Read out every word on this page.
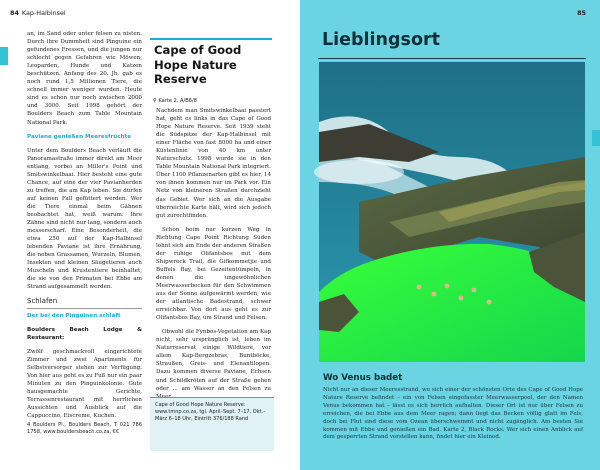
84 Kap-Halbinsel

an, im Sand oder unter felsen zu nisten. Durch ihre Dummheit sind Pinguine ein gefundenes Fressen, und die jungen nur schlecht gegen Gefahren wie Möwen, Leoparden, Hunde und Katzen beschützen. Anfang des 20. Jh. gab es noch rund 1,5 Millionen Tiere, die schnell immer weniger wurden. Heute sind es schon nur noch zwischen 2000 und 3000. Seit 1998 gehört der Boulders Beach zum Table Mountain National Park.

Paviane genießen Meeresfrüchte

Unter dem Boulders Beach verläuft die Panoramastraße immer direkt am Meer entlang, vorbei an Miller's Point und Smitswinkelbaai. Hier besteht eine gute Chance, auf eine der vier Pavianherden zu treffen, die am Kap leben. Sie dürfen auf keinen Fall gefüttert werden. Wer die Tiere einmal beim Gähnen beobachtet hat, weiß warum: Ihre Zähne sind nicht nur lang, sondern auch messerscharf. Eine Besonderheit, die etwa 250 auf der Kap-Halbinsel lebenden Paviane ist ihre Ernährung, die neben Grassamen, Wurzeln, Blumen, Insekten und kleinen Säugetieren auch Muscheln und Krustentiere beinhaltet, die sie von den Primaten bei Ebbe am Strand aufgesammelt werden.

Schlafen

Der bei den Pinguinen schläft

Boulders Beach Lodge & Restaurant:

Zwölf geschmackvoll eingerichtete Zimmer und zwei Apartments für Selbstversorger stehen zur Verfügung. Von hier aus geht es zu Fuß nur ein paar Minuten zu den Pinguinkolonie. Gute hausgemachte Gerichte, Terrassenrestaurant mit herrlichen Aussichten und Ausblick auf die Cappuccino, Eiscreme, Kuchen.

4 Boulders Pl., Boulders Beach, T 021 786 1758, www.bouldersbeach.co.za, €€

Cape of Good Hope Nature Reserve
⚲ Karte 2, A/B6/8

Nachdem man Smitswinkelbaai passiert hat, geht es links in das Cape of Good Hope Nature Reserve. Seit 1939 steht die Südspitze der Kap-Halbinsel mit einer Fläche von fast 8000 ha und einer Küstenlinie von 40 km unter Naturschutz. 1998 wurde sie in den Table Mountain National Park integriert. Über 1100 Pflanzenarten gibt es hier, 14 von ihnen kommen nur im Park vor. Ein Netz von kleineren Straßen durchzieht das Gebiet. Wer sich an die Ausgabe überreichte Karte hält, wird sich jedoch gut zurechtfinden.

Schon beim nur kurzen Weg in Richtung Cape Point Richtung Süden lohnt sich am Ende der anderen Straßen der ruhige Olifantsbos mit dem Shipwreck Trail, die Gifkommetjie und Buffels Bay, bei Gezeitentümpeln, in denen die ungewöhnlichen Meerwasserbecken für den Schwimmen aus der Sonne aufgewärmt werden, wie der atlantische Badestrand, schwer erreichbar. Von dort aus geht es zur Olifantsbos Bay, um Strand und Felsen.

Obwohl die Fynbos-Vegetation am Kap nicht, sehr ursprünglich ist, leben im Naturreservat einige Wildtiere, vor allem Kap-Bergzebras, Buntböcke, Straußen, Greis- und Elenantilopen. Dazu kommen diverse Paviane, Echsen und Schildkröten auf der Straße gehen oder ... am Wasser an den Felsen zu

Cape of Good Hope Nature Reserve: www.tmnp.co.za, tgl. April–Sept. 7–17, Okt.–März 6–18 Uhr, Eintritt 376/188 Rand
85
Lieblingsort
Wo Venus badet
Nicht nur an dieser Meeresstrand, wo sich einer der schönsten Orte des Cape of Good Hope Nature Reserve befindet – ein von Felsen eingefasster Meerwasserpool, der den Namen Venus bekommen hat – lässt es sich herrlich aufhalten. Dieser Ort ist nur über Felsen zu erreichen, die bei Ebbe aus dem Meer ragen; dann liegt das Becken völlig glatt im Fels, doch bei Flut sind diese vom Ozean überschwemmt und nicht zugänglich. Am besten Sie kommen mit Ebbe und genießen ein Bad. Karte 2, Black Rocks. Wer sich einen Anblick auf dem gesperrten Strand vorstellen kann, findet hier ein Kleinod.
